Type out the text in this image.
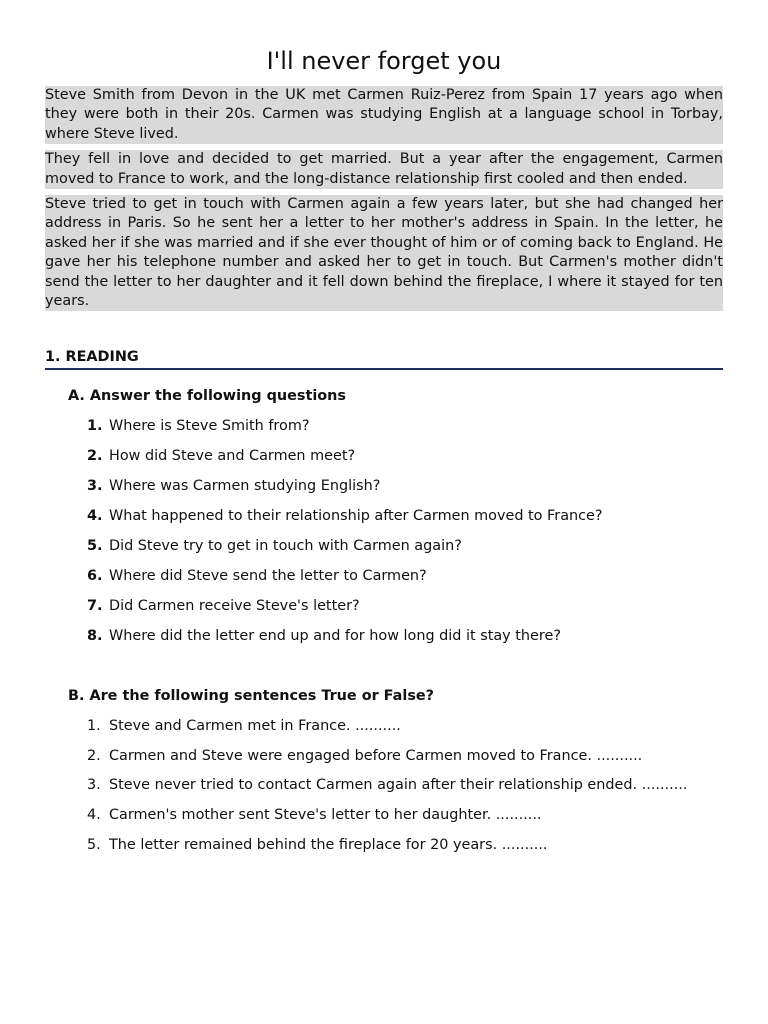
I'll never forget you

Steve Smith from Devon in the UK met Carmen Ruiz-Perez from Spain 17 years ago when they were both in their 20s. Carmen was studying English at a language school in Torbay, where Steve lived.

They fell in love and decided to get married. But a year after the engagement, Carmen moved to France to work, and the long-distance relationship first cooled and then ended.

Steve tried to get in touch with Carmen again a few years later, but she had changed her address in Paris. So he sent her a letter to her mother's address in Spain. In the letter, he asked her if she was married and if she ever thought of him or of coming back to England. He gave her his telephone number and asked her to get in touch. But Carmen's mother didn't send the letter to her daughter and it fell down behind the fireplace, I where it stayed for ten years.

1. READING
A. Answer the following questions
1. Where is Steve Smith from?
2. How did Steve and Carmen meet?
3. Where was Carmen studying English?
4. What happened to their relationship after Carmen moved to France?
5. Did Steve try to get in touch with Carmen again?
6. Where did Steve send the letter to Carmen?
7. Did Carmen receive Steve's letter?
8. Where did the letter end up and for how long did it stay there?
B. Are the following sentences True or False?
1. Steve and Carmen met in France. ..........
2. Carmen and Steve were engaged before Carmen moved to France. ..........
3. Steve never tried to contact Carmen again after their relationship ended. ..........
4. Carmen's mother sent Steve's letter to her daughter. ..........
5. The letter remained behind the fireplace for 20 years. ..........
